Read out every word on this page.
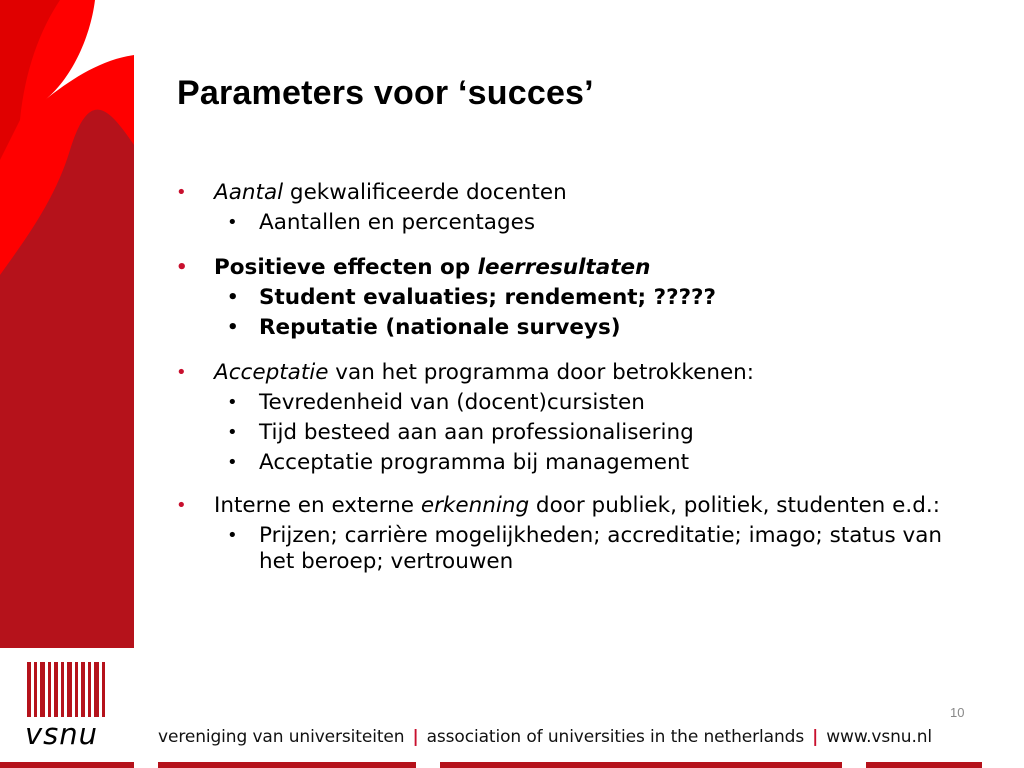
Parameters voor ‘succes’

• Aantal gekwalificeerde docenten

• Aantallen en percentages

• Positieve effecten op leerresultaten

• Student evaluaties; rendement; ?????

• Reputatie (nationale surveys)

• Acceptatie van het programma door betrokkenen:

• Tevredenheid van (docent)cursisten

• Tijd besteed aan aan professionalisering

• Acceptatie programma bij management

• Interne en externe erkenning door publiek, politiek, studenten e.d.:

• Prijzen; carrière mogelijkheden; accreditatie; imago; status van het beroep; vertrouwen

10
vsnu	vereniging van universiteiten | association of universities in the netherlands | www.vsnu.nl
